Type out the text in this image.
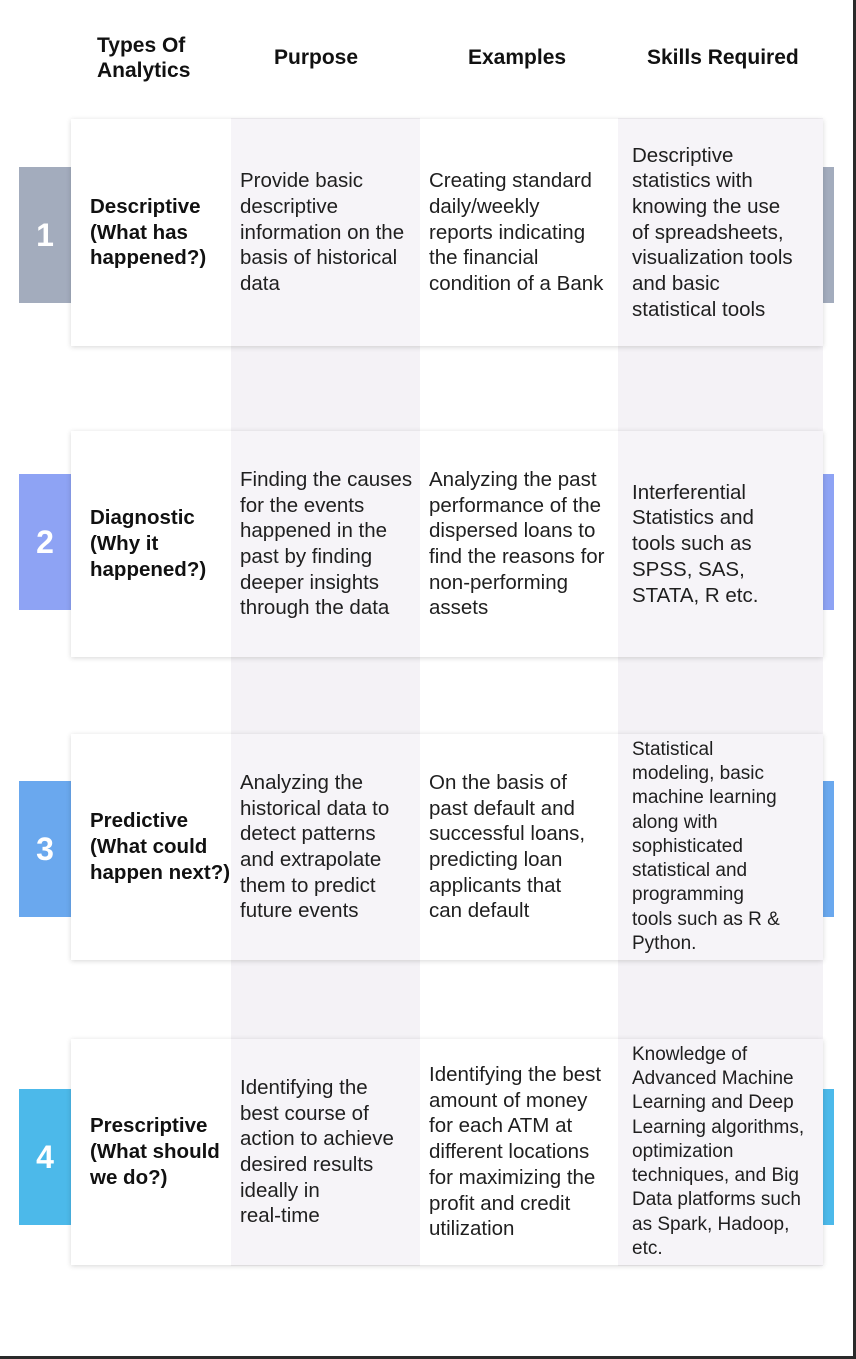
Types Of
Analytics
Purpose	Examples	Skills Required
1
Descriptive
(What has
happened?)
Provide basic
descriptive
information on the
basis of historical
data
Creating standard
daily/weekly
reports indicating
the financial
condition of a Bank
Descriptive
statistics with
knowing the use
of spreadsheets,
visualization tools
and basic
statistical tools
2
Diagnostic
(Why it
happened?)
Finding the causes
for the events
happened in the
past by finding
deeper insights
through the data
Analyzing the past
performance of the
dispersed loans to
find the reasons for
non-performing
assets
Interferential
Statistics and
tools such as
SPSS, SAS,
STATA, R etc.
3
Predictive
(What could
happen next?)
Analyzing the
historical data to
detect patterns
and extrapolate
them to predict
future events
On the basis of
past default and
successful loans,
predicting loan
applicants that
can default
Statistical
modeling, basic
machine learning
along with
sophisticated
statistical and
programming
tools such as R &
Python.
4
Prescriptive
(What should
we do?)
Identifying the
best course of
action to achieve
desired results
ideally in
real-time
Identifying the best
amount of money
for each ATM at
different locations
for maximizing the
profit and credit
utilization
Knowledge of
Advanced Machine
Learning and Deep
Learning algorithms,
optimization
techniques, and Big
Data platforms such
as Spark, Hadoop,
etc.
